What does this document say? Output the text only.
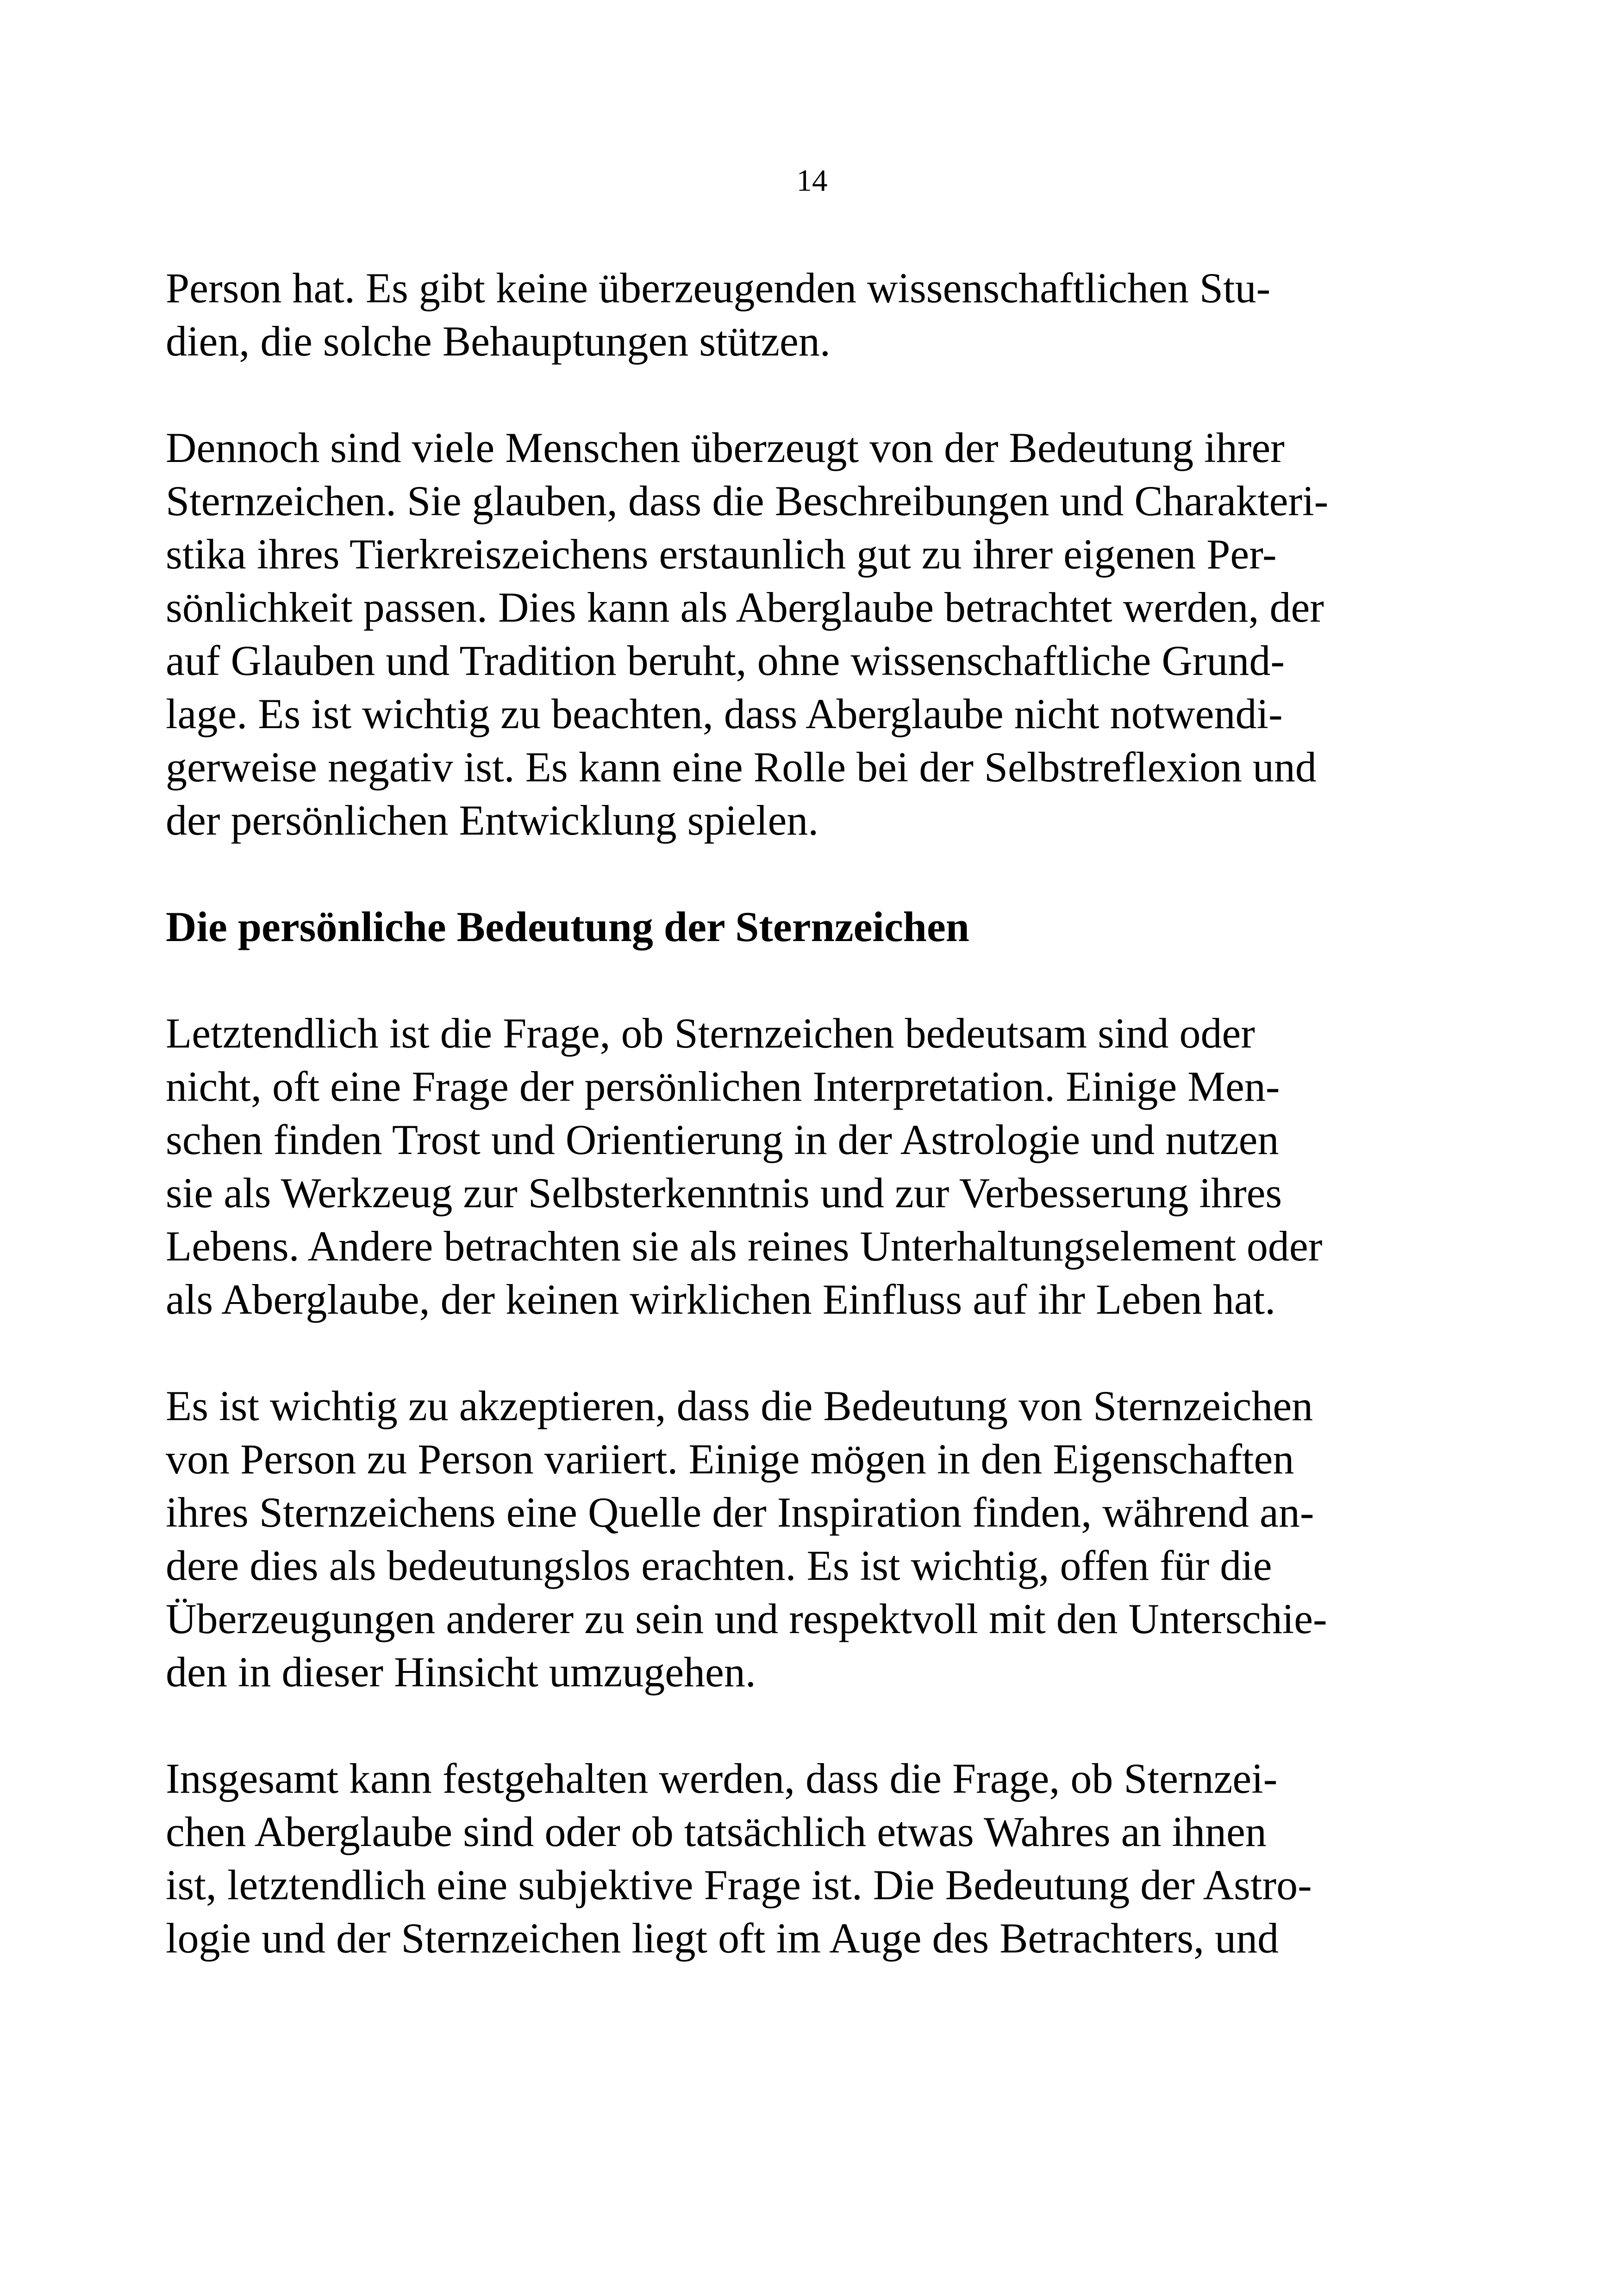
14
Person hat. Es gibt keine überzeugenden wissenschaftlichen Stu-
dien, die solche Behauptungen stützen.
Dennoch sind viele Menschen überzeugt von der Bedeutung ihrer
Sternzeichen. Sie glauben, dass die Beschreibungen und Charakteri-
stika ihres Tierkreiszeichens erstaunlich gut zu ihrer eigenen Per-
sönlichkeit passen. Dies kann als Aberglaube betrachtet werden, der
auf Glauben und Tradition beruht, ohne wissenschaftliche Grund-
lage. Es ist wichtig zu beachten, dass Aberglaube nicht notwendi-
gerweise negativ ist. Es kann eine Rolle bei der Selbstreflexion und
der persönlichen Entwicklung spielen.
Die persönliche Bedeutung der Sternzeichen
Letztendlich ist die Frage, ob Sternzeichen bedeutsam sind oder
nicht, oft eine Frage der persönlichen Interpretation. Einige Men-
schen finden Trost und Orientierung in der Astrologie und nutzen
sie als Werkzeug zur Selbsterkenntnis und zur Verbesserung ihres
Lebens. Andere betrachten sie als reines Unterhaltungselement oder
als Aberglaube, der keinen wirklichen Einfluss auf ihr Leben hat.
Es ist wichtig zu akzeptieren, dass die Bedeutung von Sternzeichen
von Person zu Person variiert. Einige mögen in den Eigenschaften
ihres Sternzeichens eine Quelle der Inspiration finden, während an-
dere dies als bedeutungslos erachten. Es ist wichtig, offen für die
Überzeugungen anderer zu sein und respektvoll mit den Unterschie-
den in dieser Hinsicht umzugehen.
Insgesamt kann festgehalten werden, dass die Frage, ob Sternzei-
chen Aberglaube sind oder ob tatsächlich etwas Wahres an ihnen
ist, letztendlich eine subjektive Frage ist. Die Bedeutung der Astro-
logie und der Sternzeichen liegt oft im Auge des Betrachters, und
